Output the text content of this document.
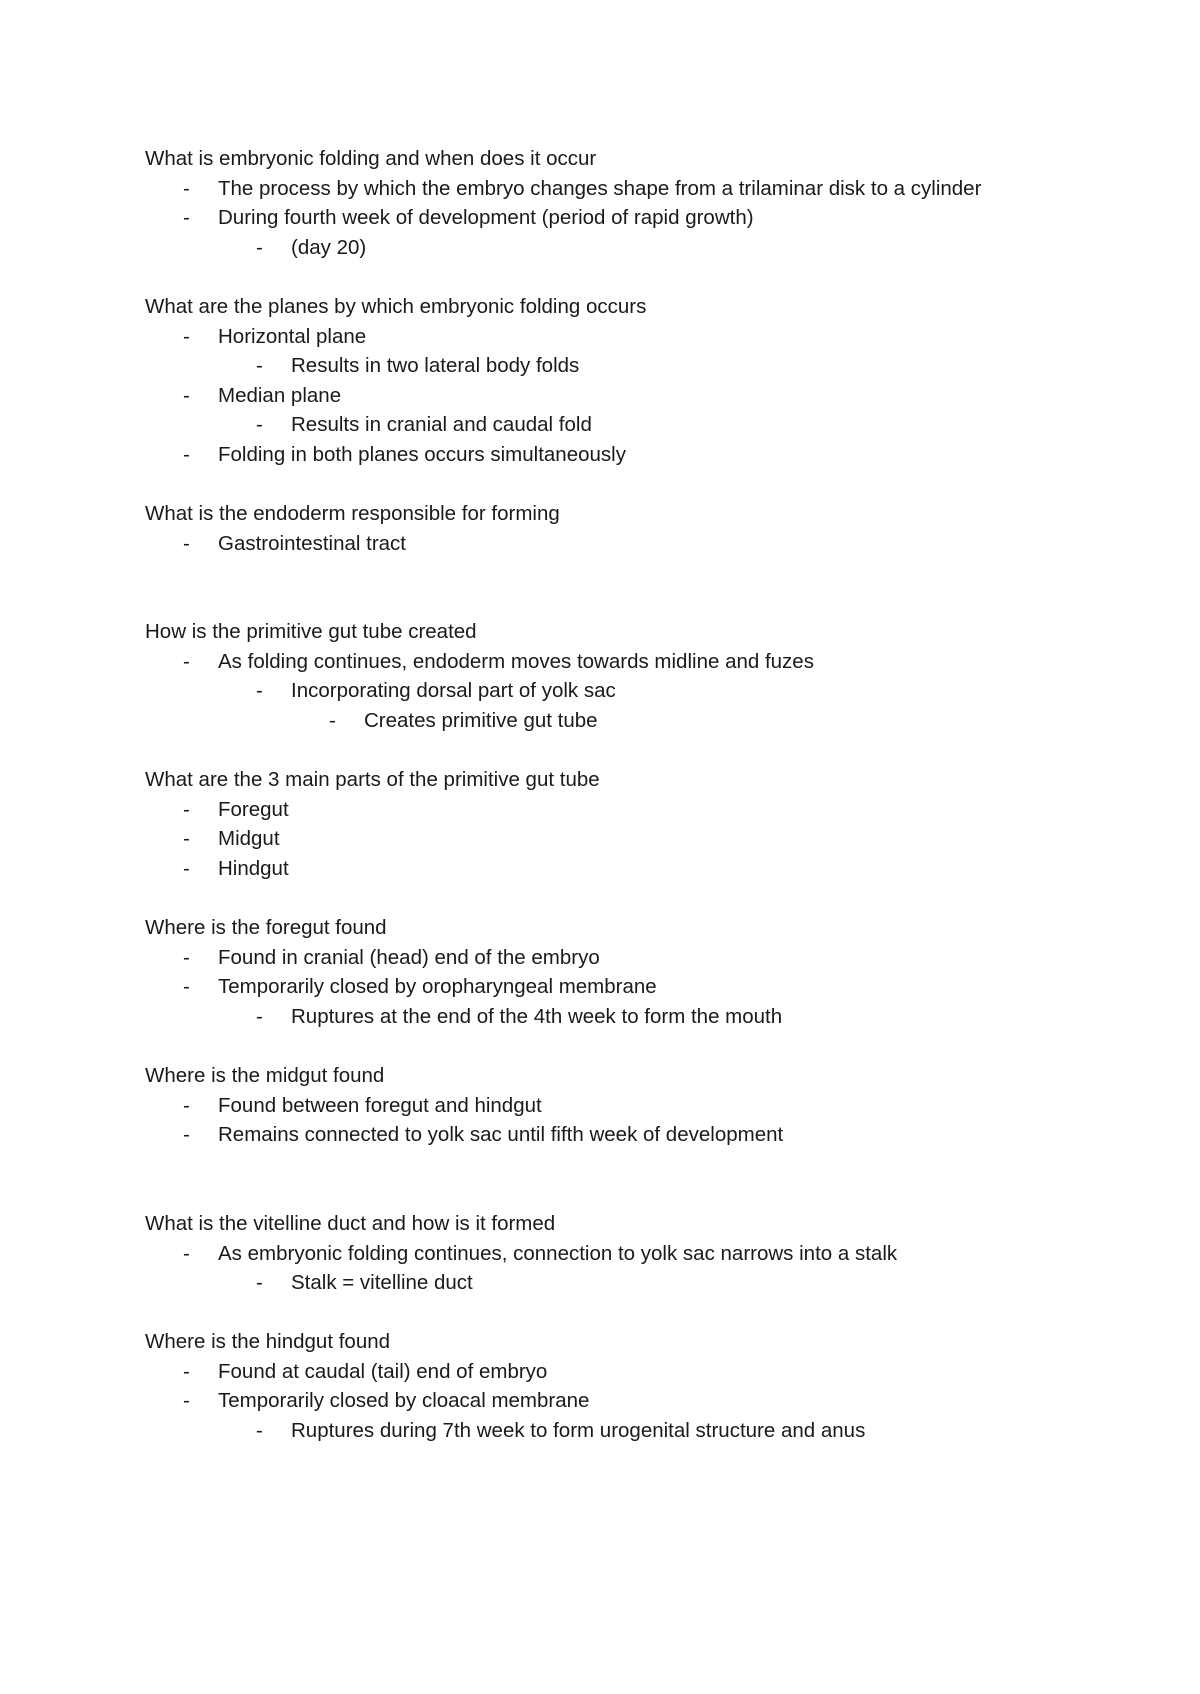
What is embryonic folding and when does it occur
- The process by which the embryo changes shape from a trilaminar disk to a cylinder
- During fourth week of development (period of rapid growth)
- (day 20)
What are the planes by which embryonic folding occurs
- Horizontal plane
- Results in two lateral body folds
- Median plane
- Results in cranial and caudal fold
- Folding in both planes occurs simultaneously
What is the endoderm responsible for forming
- Gastrointestinal tract
How is the primitive gut tube created
- As folding continues, endoderm moves towards midline and fuzes
- Incorporating dorsal part of yolk sac
- Creates primitive gut tube
What are the 3 main parts of the primitive gut tube
- Foregut
- Midgut
- Hindgut
Where is the foregut found
- Found in cranial (head) end of the embryo
- Temporarily closed by oropharyngeal membrane
- Ruptures at the end of the 4th week to form the mouth
Where is the midgut found
- Found between foregut and hindgut
- Remains connected to yolk sac until fifth week of development
What is the vitelline duct and how is it formed
- As embryonic folding continues, connection to yolk sac narrows into a stalk
- Stalk = vitelline duct
Where is the hindgut found
- Found at caudal (tail) end of embryo
- Temporarily closed by cloacal membrane
- Ruptures during 7th week to form urogenital structure and anus
